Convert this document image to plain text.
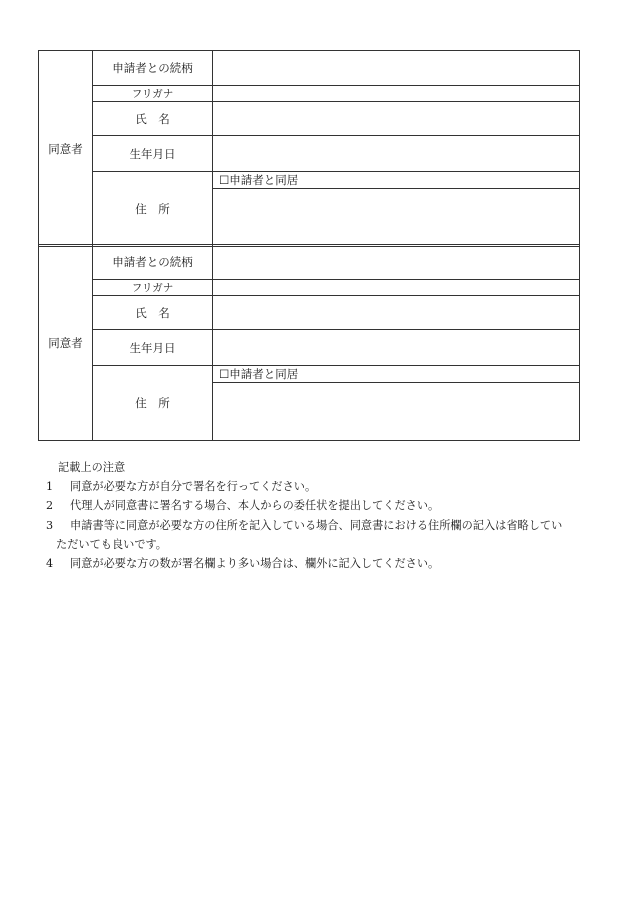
同意者	申請者との続柄	
	フリガナ	
	氏　名	
	生年月日	
	住　所	☐申請者と同居

同意者	申請者との続柄	
	フリガナ	
	氏　名	
	生年月日	
	住　所	☐申請者と同居

記載上の注意
1	同意が必要な方が自分で署名を行ってください。
2	代理人が同意書に署名する場合、本人からの委任状を提出してください。
3	申請書等に同意が必要な方の住所を記入している場合、同意書における住所欄の記入は省略してい
ただいても良いです。
4	同意が必要な方の数が署名欄より多い場合は、欄外に記入してください。
